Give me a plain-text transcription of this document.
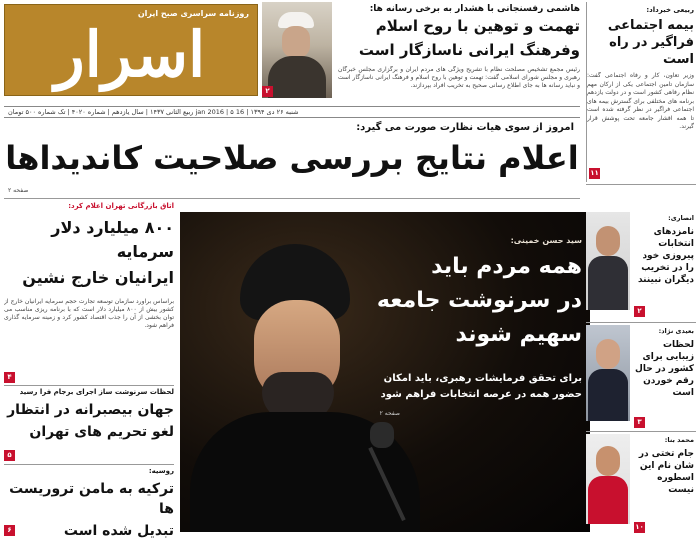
روزنامه سراسری صبح ایران
اسرار	۲
هاشمی رفسنجانی با هشدار به برخی رسانه ها:
تهمت و توهین با روح اسلام
وفرهنگ ایرانی ناسازگار است
رئیس مجمع تشخیص مصلحت نظام با تشریح ویژگی های مردم ایران و برگزاری مجلس خبرگان رهبری و مجلس شورای اسلامی گفت: تهمت و توهین با روح اسلام و فرهنگ ایرانی ناسازگار است و نباید رسانه ها به جای اطلاع رسانی صحیح به تخریب افراد بپردازند.
شنبه ۲۶ دی ۱۳۹۴ | 16 jan 2016 | ۵ ربیع الثانی ۱۴۳۷ | سال یازدهم | شماره ۴۰۲۰ | تک شماره ۵۰۰ تومان
ربیعی خبرداد:
بیمه اجتماعی فراگیر در راه است
وزیر تعاون، کار و رفاه اجتماعی گفت: سازمان تامین اجتماعی یکی از ارکان مهم نظام رفاهی کشور است و در دولت یازدهم برنامه های مختلفی برای گسترش بیمه های اجتماعی فراگیر در نظر گرفته شده است تا همه اقشار جامعه تحت پوشش قرار گیرند.
۱۱
امروز از سوی هیات نظارت صورت می گیرد:
اعلام نتایج بررسی صلاحیت کاندیداها
صفحه ۲
اتاق بازرگانی تهران اعلام کرد:
۸۰۰ میلیارد دلار سرمایه
ایرانیان خارج نشین
براساس برآورد سازمان توسعه تجارت حجم سرمایه ایرانیان خارج از کشور بیش از ۸۰۰ میلیارد دلار است که با برنامه ریزی مناسب می توان بخشی از آن را جذب اقتصاد کشور کرد و زمینه سرمایه گذاری فراهم شود.
۴
لحظات سرنوشت ساز اجرای برجام فرا رسید
جهان بیصبرانه در انتظار
لغو تحریم های تهران
۵
روسیه:
ترکیه به مامن تروریست ها
تبدیل شده است
۶
سید حسن خمینی:
همه مردم باید
در سرنوشت جامعه
سهیم شوند
برای تحقق فرمایشات رهبری، باید امکان
حضور همه در عرصه انتخابات فراهم شود
صفحه ۲
انصاری:
نامزدهای انتخابات پیروزی خود را در تخریب دیگران نبینند
۲
بعیدی نژاد:
لحظات زیبایی برای کشور در حال رقم خوردن است
۳
محمد بنا:
جام تختی در شان نام این اسطوره نیست
۱۰
